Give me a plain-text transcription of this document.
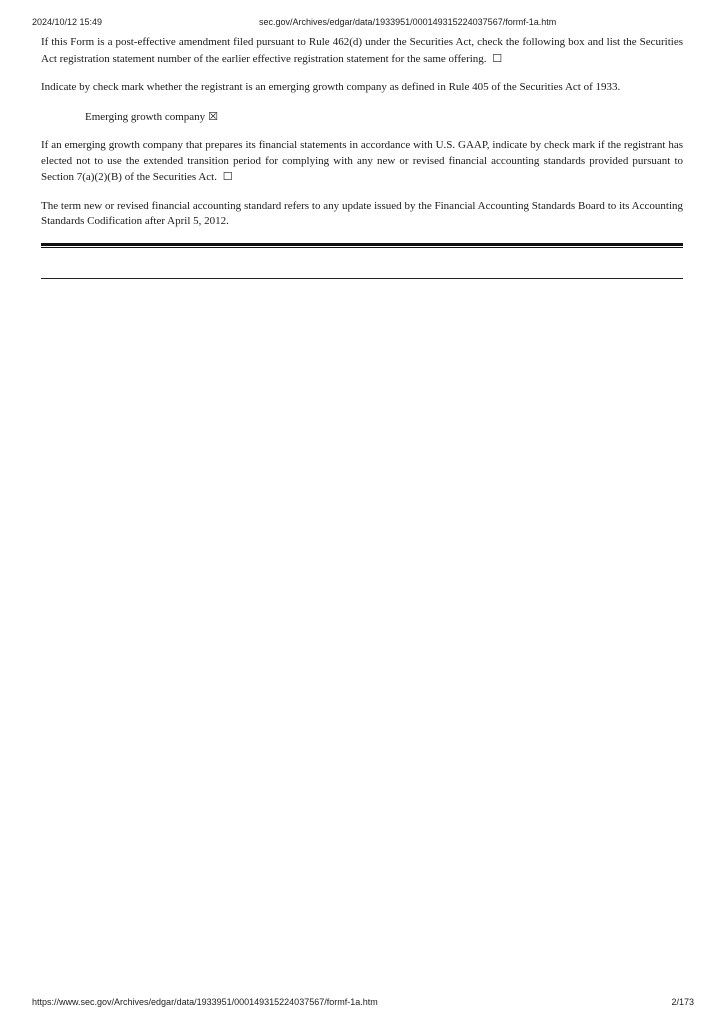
2024/10/12 15:49	sec.gov/Archives/edgar/data/1933951/000149315224037567/formf-1a.htm

If this Form is a post-effective amendment filed pursuant to Rule 462(d) under the Securities Act, check the following box and list the Securities Act registration statement number of the earlier effective registration statement for the same offering. ☐

Indicate by check mark whether the registrant is an emerging growth company as defined in Rule 405 of the Securities Act of 1933.

Emerging growth company ☒

If an emerging growth company that prepares its financial statements in accordance with U.S. GAAP, indicate by check mark if the registrant has elected not to use the extended transition period for complying with any new or revised financial accounting standards provided pursuant to Section 7(a)(2)(B) of the Securities Act. ☐

The term new or revised financial accounting standard refers to any update issued by the Financial Accounting Standards Board to its Accounting Standards Codification after April 5, 2012.

https://www.sec.gov/Archives/edgar/data/1933951/000149315224037567/formf-1a.htm	2/173
